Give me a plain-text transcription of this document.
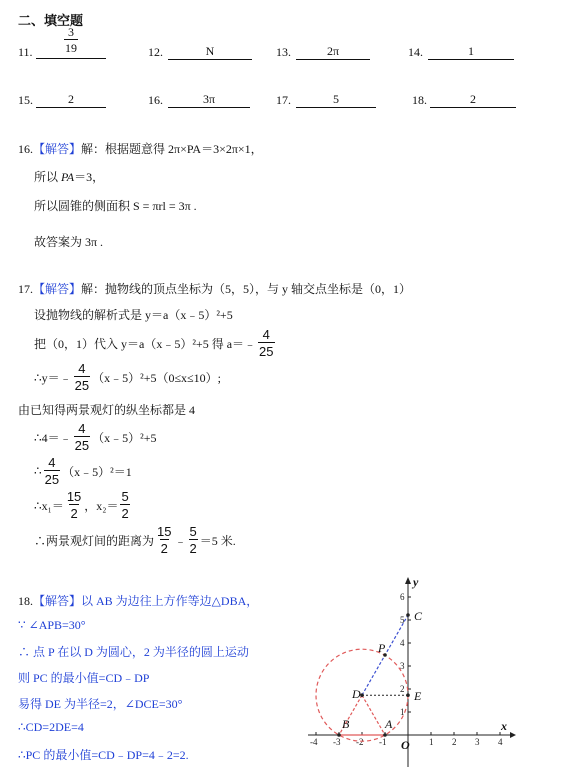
二、填空题
11.	$\frac{3}{19}$	12.	N	13.	2π	14.	1
15.	2	16.	3π	17.	5	18.	2
16.【解答】解：根据题意得 2π×PA＝3×2π×1，
所以 PA＝3，
所以圆锥的侧面积 S = πrl = 3π .
故答案为 3π .
17.【解答】解：抛物线的顶点坐标为（5，5），与 y 轴交点坐标是（0，1）
设抛物线的解析式是 y＝a（x﹣5）²+5
把（0，1）代入 y＝a（x﹣5）²+5 得 a＝﹣ $\frac{4}{25}$
∴y＝﹣ $\frac{4}{25}$ （x﹣5）²+5（0≤x≤10）;
由已知得两景观灯的纵坐标都是 4
∴4＝﹣ $\frac{4}{25}$ （x﹣5）²+5
∴ $\frac{4}{25}$ （x﹣5）²＝1
∴x₁＝ $\frac{15}{2}$ ，$x_2= \frac{5}{2}$
∴两景观灯间的距离为 $\frac{15}{2}$ ﹣ $\frac{5}{2} =5$ 米.
18.【解答】以 AB 为边往上方作等边△DBA，
∵ ∠APB=30°
∴ 点 P 在以 D 为圆心，2 为半径的圆上运动
则 PC 的最小值=CD﹣DP
易得 DE 为半径=2，∠DCE=30°
∴CD=2DE=4
∴PC 的最小值=CD﹣DP=4﹣2=2.
-4 -3 -2 -1	1 2 3 4
1
2
3
4
5
6
C
P
D	E
B	A	x
y
O
